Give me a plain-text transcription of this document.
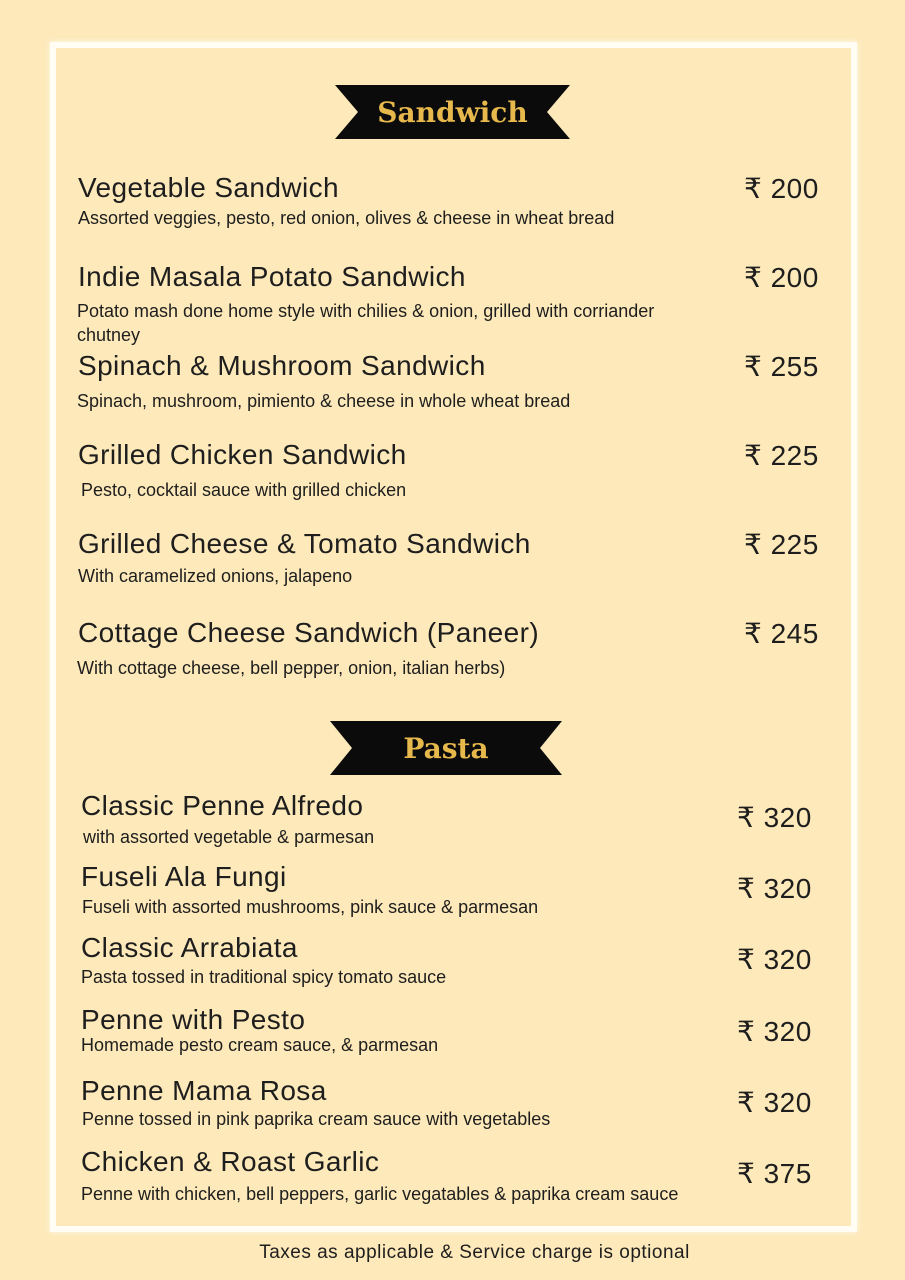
Sandwich
Vegetable Sandwich
Assorted veggies, pesto, red onion, olives & cheese in wheat bread
₹ 200
Indie Masala Potato Sandwich
Potato mash done home style with chilies & onion, grilled with corriander chutney
₹ 200
Spinach & Mushroom Sandwich
Spinach, mushroom, pimiento & cheese in whole wheat bread
₹ 255
Grilled Chicken Sandwich
Pesto, cocktail sauce with grilled chicken
₹ 225
Grilled Cheese & Tomato Sandwich
With caramelized onions, jalapeno
₹ 225
Cottage Cheese Sandwich (Paneer)
With cottage cheese, bell pepper, onion, italian herbs)
₹ 245
Pasta
Classic Penne Alfredo
with assorted vegetable & parmesan
₹ 320
Fuseli Ala Fungi
Fuseli with assorted mushrooms, pink sauce & parmesan
₹ 320
Classic Arrabiata
Pasta tossed in traditional spicy tomato sauce
₹ 320
Penne with Pesto
Homemade pesto cream sauce, & parmesan	₹ 320
Penne Mama Rosa
Penne tossed in pink paprika cream sauce with vegetables
₹ 320
Chicken & Roast Garlic
Penne with chicken, bell peppers, garlic vegatables & paprika cream sauce
₹ 375
Taxes as applicable & Service charge is optional
